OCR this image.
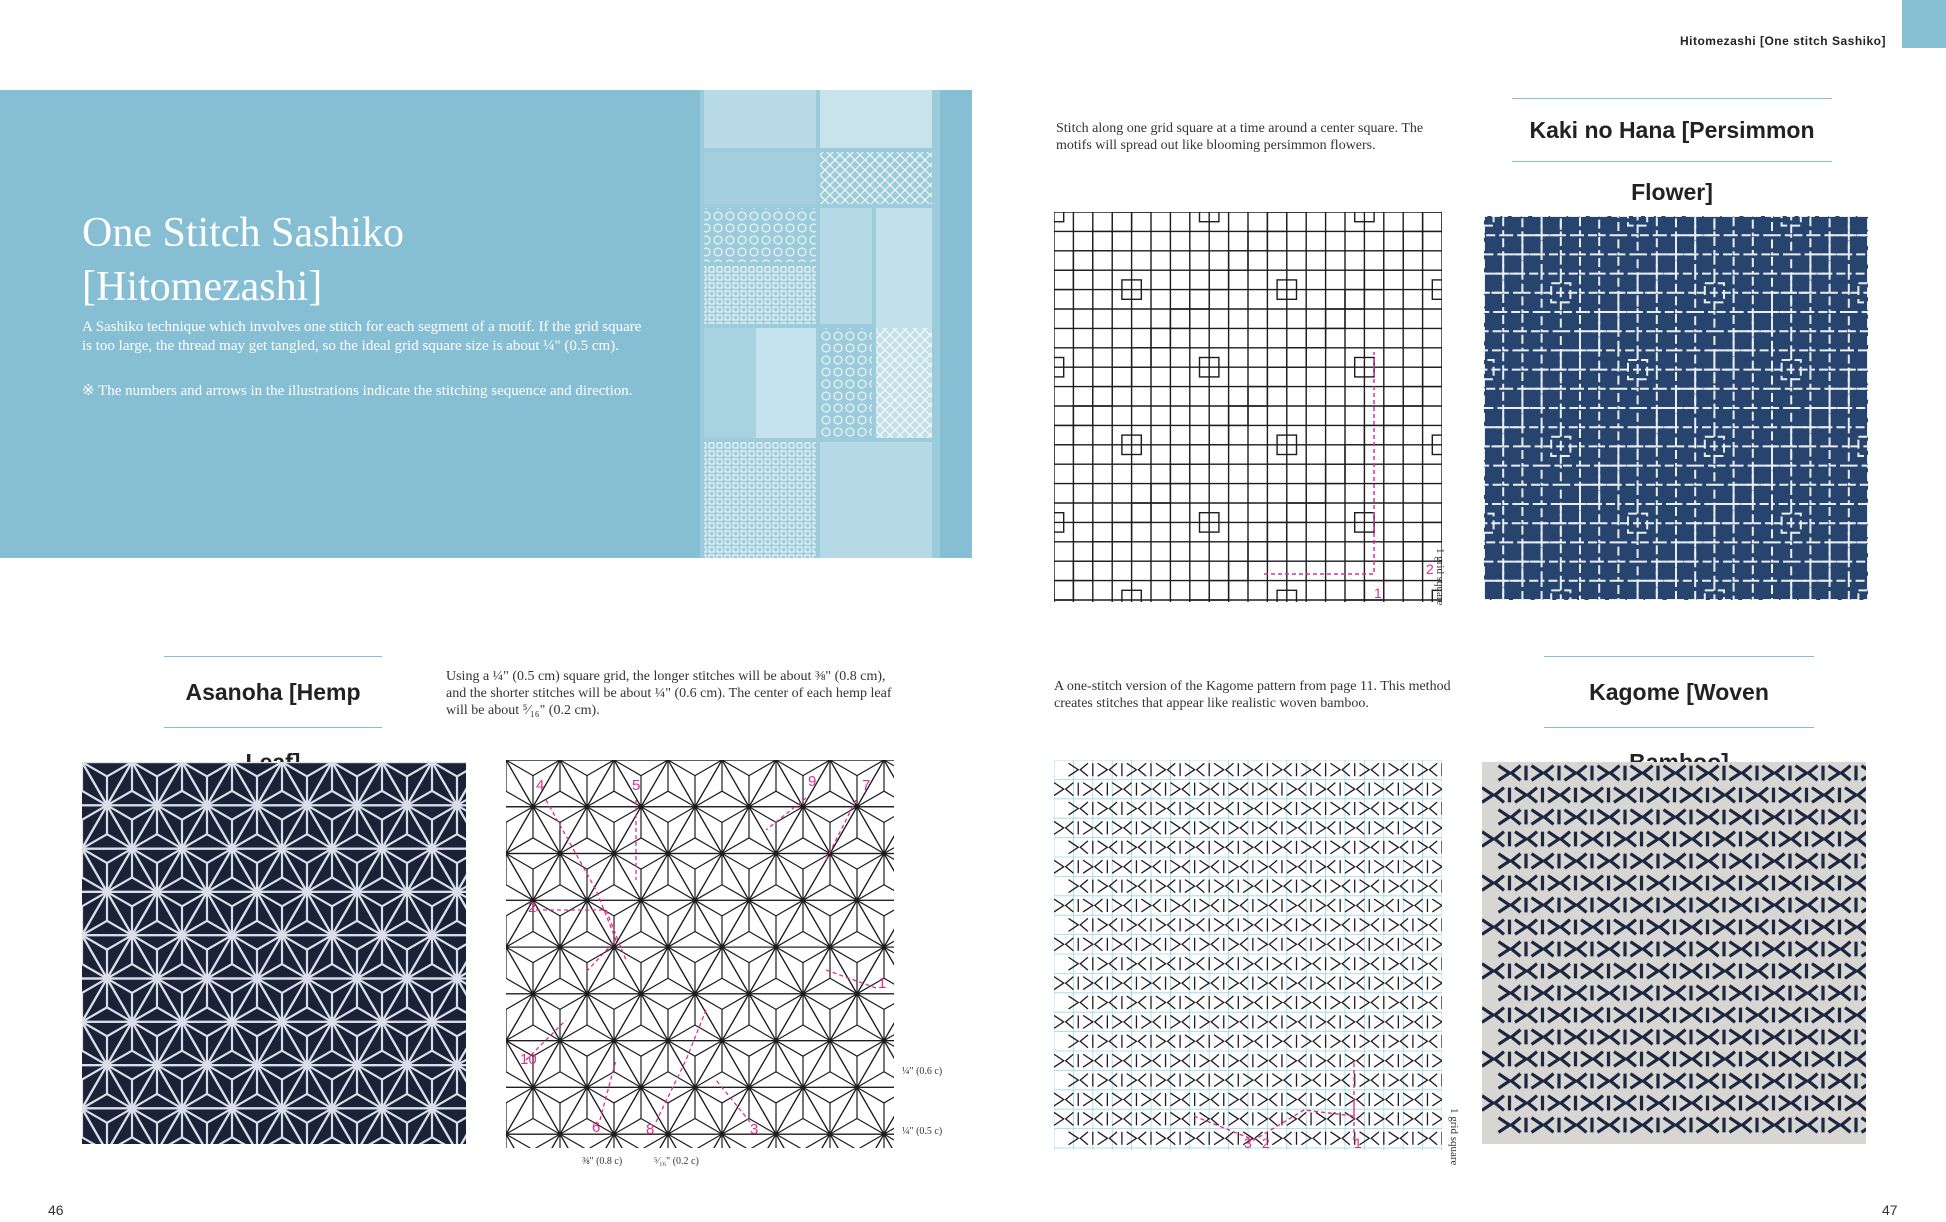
Hitomezashi [One stitch Sashiko]
One Stitch Sashiko
[Hitomezashi]
A Sashiko technique which involves one stitch for each segment of a motif. If the grid square is too large, the thread may get tangled, so the ideal grid square size is about ¼" (0.5 cm).
※ The numbers and arrows in the illustrations indicate the stitching sequence and direction.
Stitch along one grid square at a time around a center square. The motifs will spread out like blooming persimmon flowers.
Kaki no Hana [Persimmon Flower]
1
2 1 grid square
Asanoha [Hemp
Using a ¼" (0.5 cm) square grid, the longer stitches will be about ⅜" (0.8 cm), and the shorter stitches will be about ¼" (0.6 cm). The center of each hemp leaf will be about ⁵⁄₁₆" (0.2 cm).
4	5	9	7
2
1
10
6	8	3
¼" (0.6 c)
¼" (0.5 c)
⅜" (0.8 c)	⁵⁄₁₆" (0.2 c)
A one-stitch version of the Kagome pattern from page 11. This method creates stitches that appear like realistic woven bamboo.	Kagome [Woven
3 2	1	1 grid square
46	47
